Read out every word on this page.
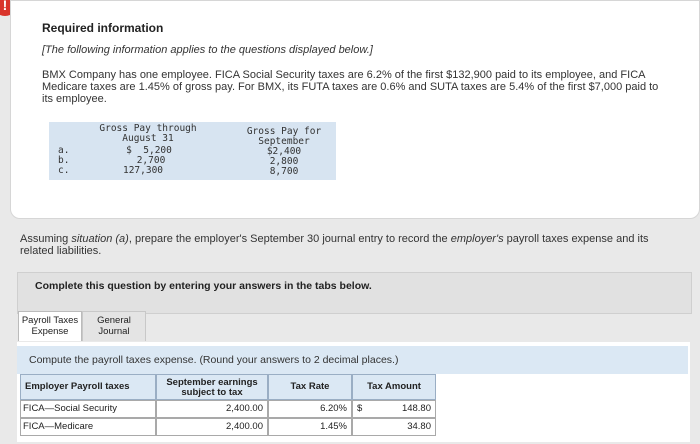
!
Required information
[The following information applies to the questions displayed below.]
BMX Company has one employee. FICA Social Security taxes are 6.2% of the first $132,900 paid to its employee, and FICA Medicare taxes are 1.45% of gross pay. For BMX, its FUTA taxes are 0.6% and SUTA taxes are 5.4% of the first $7,000 paid to its employee.
Gross Pay through
August 31
Gross Pay for
September
a.	$  5,200	$2,400
b.	2,700	2,800
c.	127,300	8,700
Assuming situation (a), prepare the employer's September 30 journal entry to record the employer's payroll taxes expense and its related liabilities.
Complete this question by entering your answers in the tabs below.
Payroll Taxes
Expense
General
Journal
Compute the payroll taxes expense. (Round your answers to 2 decimal places.)
Employer Payroll taxes	September earnings
subject to tax
Tax Rate	Tax Amount
FICA—Social Security	2,400.00	6.20%	$	148.80
FICA—Medicare	2,400.00	1.45%	34.80
